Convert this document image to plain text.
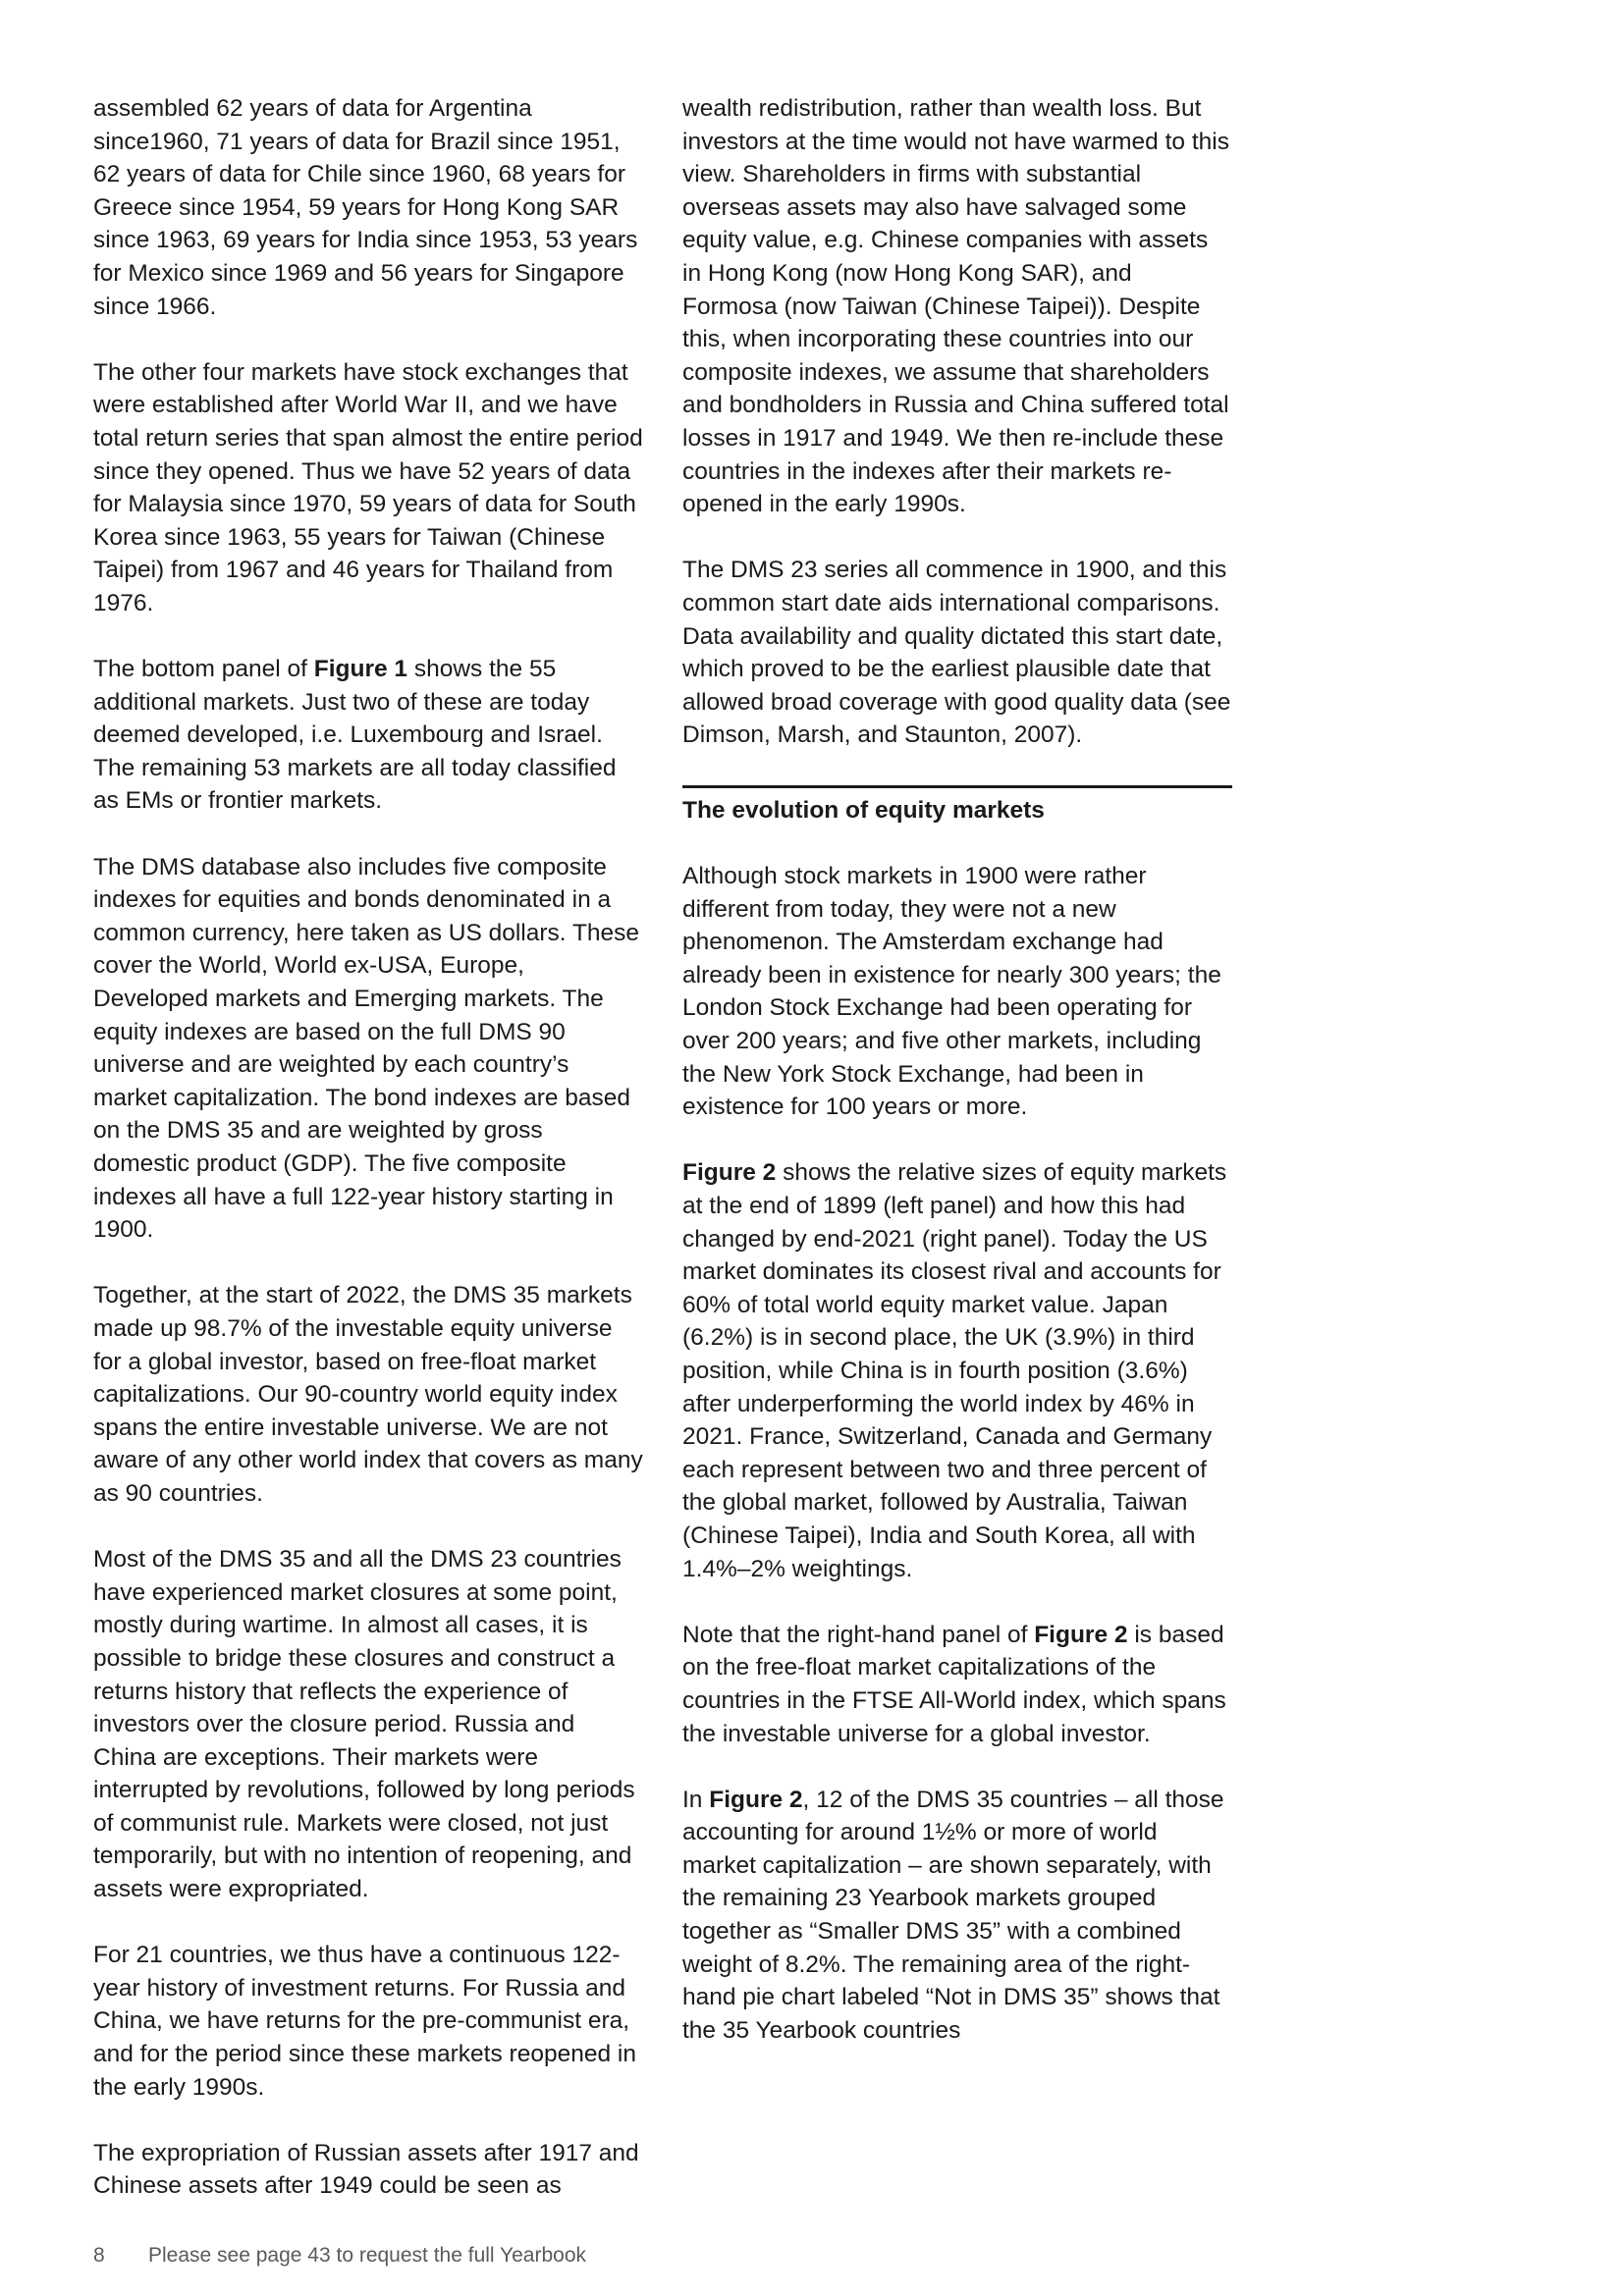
assembled 62 years of data for Argentina since1960, 71 years of data for Brazil since 1951, 62 years of data for Chile since 1960, 68 years for Greece since 1954, 59 years for Hong Kong SAR since 1963, 69 years for India since 1953, 53 years for Mexico since 1969 and 56 years for Singapore since 1966.

The other four markets have stock exchanges that were established after World War II, and we have total return series that span almost the entire period since they opened. Thus we have 52 years of data for Malaysia since 1970, 59 years of data for South Korea since 1963, 55 years for Taiwan (Chinese Taipei) from 1967 and 46 years for Thailand from 1976.

The bottom panel of Figure 1 shows the 55 additional markets. Just two of these are today deemed developed, i.e. Luxembourg and Israel. The remaining 53 markets are all today classified as EMs or frontier markets.

The DMS database also includes five composite indexes for equities and bonds denominated in a common currency, here taken as US dollars. These cover the World, World ex-USA, Europe, Developed markets and Emerging markets. The equity indexes are based on the full DMS 90 universe and are weighted by each country’s market capitalization. The bond indexes are based on the DMS 35 and are weighted by gross domestic product (GDP). The five composite indexes all have a full 122-year history starting in 1900.

Together, at the start of 2022, the DMS 35 markets made up 98.7% of the investable equity universe for a global investor, based on free-float market capitalizations. Our 90-country world equity index spans the entire investable universe. We are not aware of any other world index that covers as many as 90 countries.

Most of the DMS 35 and all the DMS 23 countries have experienced market closures at some point, mostly during wartime. In almost all cases, it is possible to bridge these closures and construct a returns history that reflects the experience of investors over the closure period. Russia and China are exceptions. Their markets were interrupted by revolutions, followed by long periods of communist rule. Markets were closed, not just temporarily, but with no intention of reopening, and assets were expropriated.

For 21 countries, we thus have a continuous 122-year history of investment returns. For Russia and China, we have returns for the pre-communist era, and for the period since these markets reopened in the early 1990s.

The expropriation of Russian assets after 1917 and Chinese assets after 1949 could be seen as

wealth redistribution, rather than wealth loss. But investors at the time would not have warmed to this view. Shareholders in firms with substantial overseas assets may also have salvaged some equity value, e.g. Chinese companies with assets in Hong Kong (now Hong Kong SAR), and Formosa (now Taiwan (Chinese Taipei)). Despite this, when incorporating these countries into our composite indexes, we assume that shareholders and bondholders in Russia and China suffered total losses in 1917 and 1949. We then re-include these countries in the indexes after their markets re-opened in the early 1990s.

The DMS 23 series all commence in 1900, and this common start date aids international comparisons. Data availability and quality dictated this start date, which proved to be the earliest plausible date that allowed broad coverage with good quality data (see Dimson, Marsh, and Staunton, 2007).

The evolution of equity markets

Although stock markets in 1900 were rather different from today, they were not a new phenomenon. The Amsterdam exchange had already been in existence for nearly 300 years; the London Stock Exchange had been operating for over 200 years; and five other markets, including the New York Stock Exchange, had been in existence for 100 years or more.

Figure 2 shows the relative sizes of equity markets at the end of 1899 (left panel) and how this had changed by end-2021 (right panel). Today the US market dominates its closest rival and accounts for 60% of total world equity market value. Japan (6.2%) is in second place, the UK (3.9%) in third position, while China is in fourth position (3.6%) after underperforming the world index by 46% in 2021. France, Switzerland, Canada and Germany each represent between two and three percent of the global market, followed by Australia, Taiwan (Chinese Taipei), India and South Korea, all with 1.4%–2% weightings.

Note that the right-hand panel of Figure 2 is based on the free-float market capitalizations of the countries in the FTSE All-World index, which spans the investable universe for a global investor.

In Figure 2, 12 of the DMS 35 countries – all those accounting for around 1½% or more of world market capitalization – are shown separately, with the remaining 23 Yearbook markets grouped together as “Smaller DMS 35” with a combined weight of 8.2%. The remaining area of the right-hand pie chart labeled “Not in DMS 35” shows that the 35 Yearbook countries

8 Please see page 43 to request the full Yearbook
